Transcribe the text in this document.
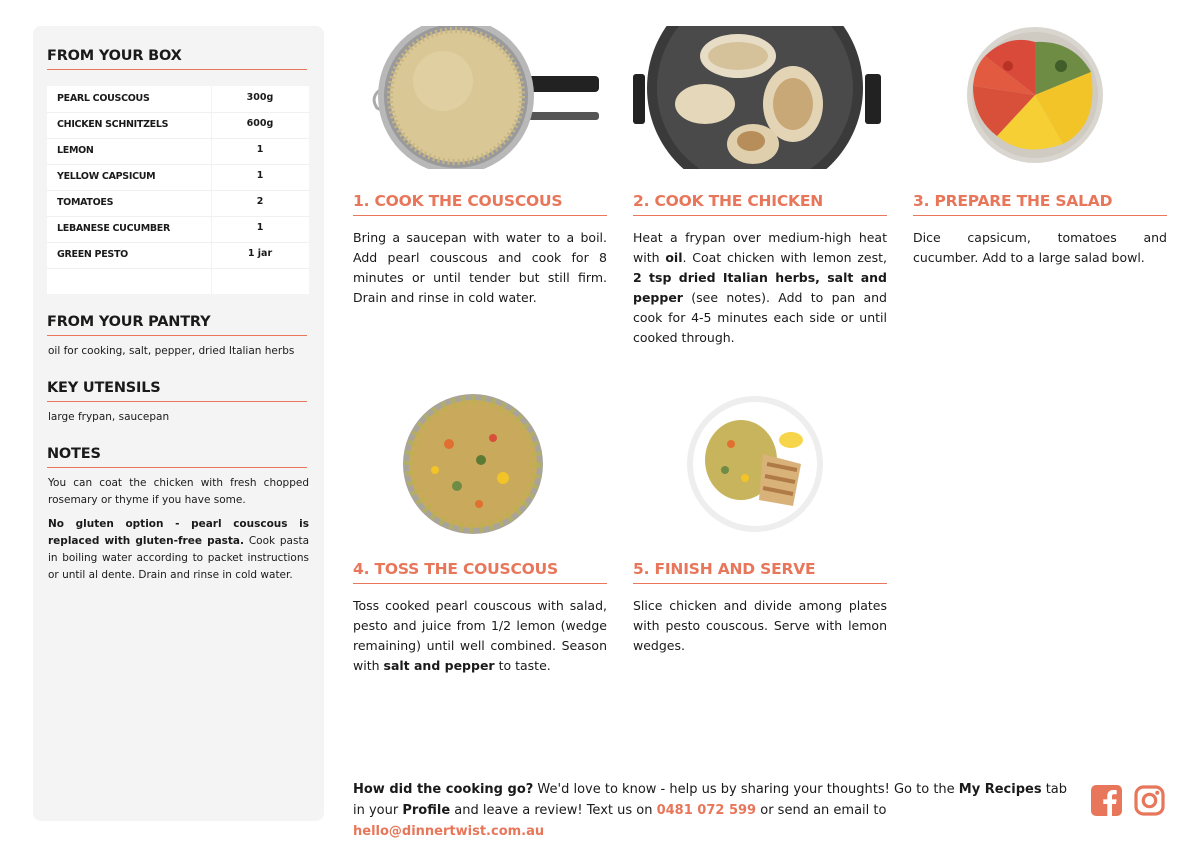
FROM YOUR BOX
PEARL COUSCOUS	300g
CHICKEN SCHNITZELS	600g
LEMON	1
YELLOW CAPSICUM	1
TOMATOES	2
LEBANESE CUCUMBER	1
GREEN PESTO	1 jar
FROM YOUR PANTRY
oil for cooking, salt, pepper, dried Italian herbs
KEY UTENSILS
large frypan, saucepan
NOTES
You can coat the chicken with fresh chopped rosemary or thyme if you have some.
No gluten option - pearl couscous is replaced with gluten-free pasta. Cook pasta in boiling water according to packet instructions or until al dente. Drain and rinse in cold water.
1. COOK THE COUSCOUS
Bring a saucepan with water to a boil. Add pearl couscous and cook for 8 minutes or until tender but still firm. Drain and rinse in cold water.
2. COOK THE CHICKEN
Heat a frypan over medium-high heat with oil. Coat chicken with lemon zest, 2 tsp dried Italian herbs, salt and pepper (see notes). Add to pan and cook for 4-5 minutes each side or until cooked through.
3. PREPARE THE SALAD
Dice capsicum, tomatoes and cucumber. Add to a large salad bowl.
4. TOSS THE COUSCOUS
Toss cooked pearl couscous with salad, pesto and juice from 1/2 lemon (wedge remaining) until well combined. Season with salt and pepper to taste.
5. FINISH AND SERVE
Slice chicken and divide among plates with pesto couscous. Serve with lemon wedges.
How did the cooking go? We'd love to know - help us by sharing your thoughts! Go to the My Recipes tab in your Profile and leave a review! Text us on 0481 072 599 or send an email to hello@dinnertwist.com.au
